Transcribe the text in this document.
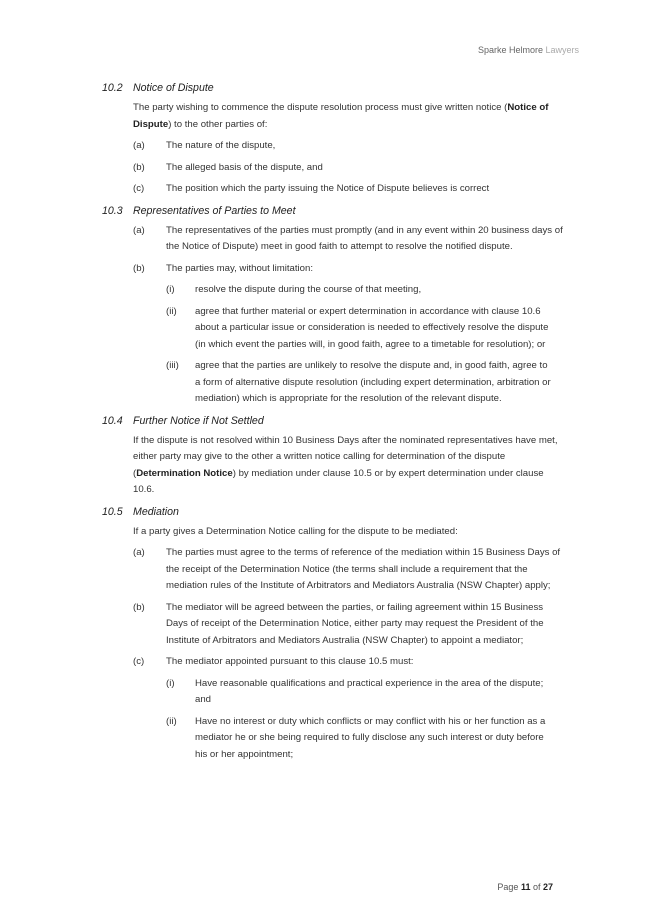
Sparke Helmore Lawyers
10.2 Notice of Dispute

The party wishing to commence the dispute resolution process must give written notice (Notice of Dispute) to the other parties of:

(a) The nature of the dispute,
(b) The alleged basis of the dispute, and
(c) The position which the party issuing the Notice of Dispute believes is correct
10.3 Representatives of Parties to Meet
(a) The representatives of the parties must promptly (and in any event within 20 business days of the Notice of Dispute) meet in good faith to attempt to resolve the notified dispute.
(b) The parties may, without limitation:
(i) resolve the dispute during the course of that meeting,
(ii) agree that further material or expert determination in accordance with clause 10.6 about a particular issue or consideration is needed to effectively resolve the dispute (in which event the parties will, in good faith, agree to a timetable for resolution); or
(iii) agree that the parties are unlikely to resolve the dispute and, in good faith, agree to a form of alternative dispute resolution (including expert determination, arbitration or mediation) which is appropriate for the resolution of the relevant dispute.
10.4 Further Notice if Not Settled

If the dispute is not resolved within 10 Business Days after the nominated representatives have met, either party may give to the other a written notice calling for determination of the dispute (Determination Notice) by mediation under clause 10.5 or by expert determination under clause 10.6.

10.5 Mediation

If a party gives a Determination Notice calling for the dispute to be mediated:

(a) The parties must agree to the terms of reference of the mediation within 15 Business Days of the receipt of the Determination Notice (the terms shall include a requirement that the mediation rules of the Institute of Arbitrators and Mediators Australia (NSW Chapter) apply;
(b) The mediator will be agreed between the parties, or failing agreement within 15 Business Days of receipt of the Determination Notice, either party may request the President of the Institute of Arbitrators and Mediators Australia (NSW Chapter) to appoint a mediator;
(c) The mediator appointed pursuant to this clause 10.5 must:
(i) Have reasonable qualifications and practical experience in the area of the dispute; and
(ii) Have no interest or duty which conflicts or may conflict with his or her function as a mediator he or she being required to fully disclose any such interest or duty before his or her appointment;
Page 11 of 27
